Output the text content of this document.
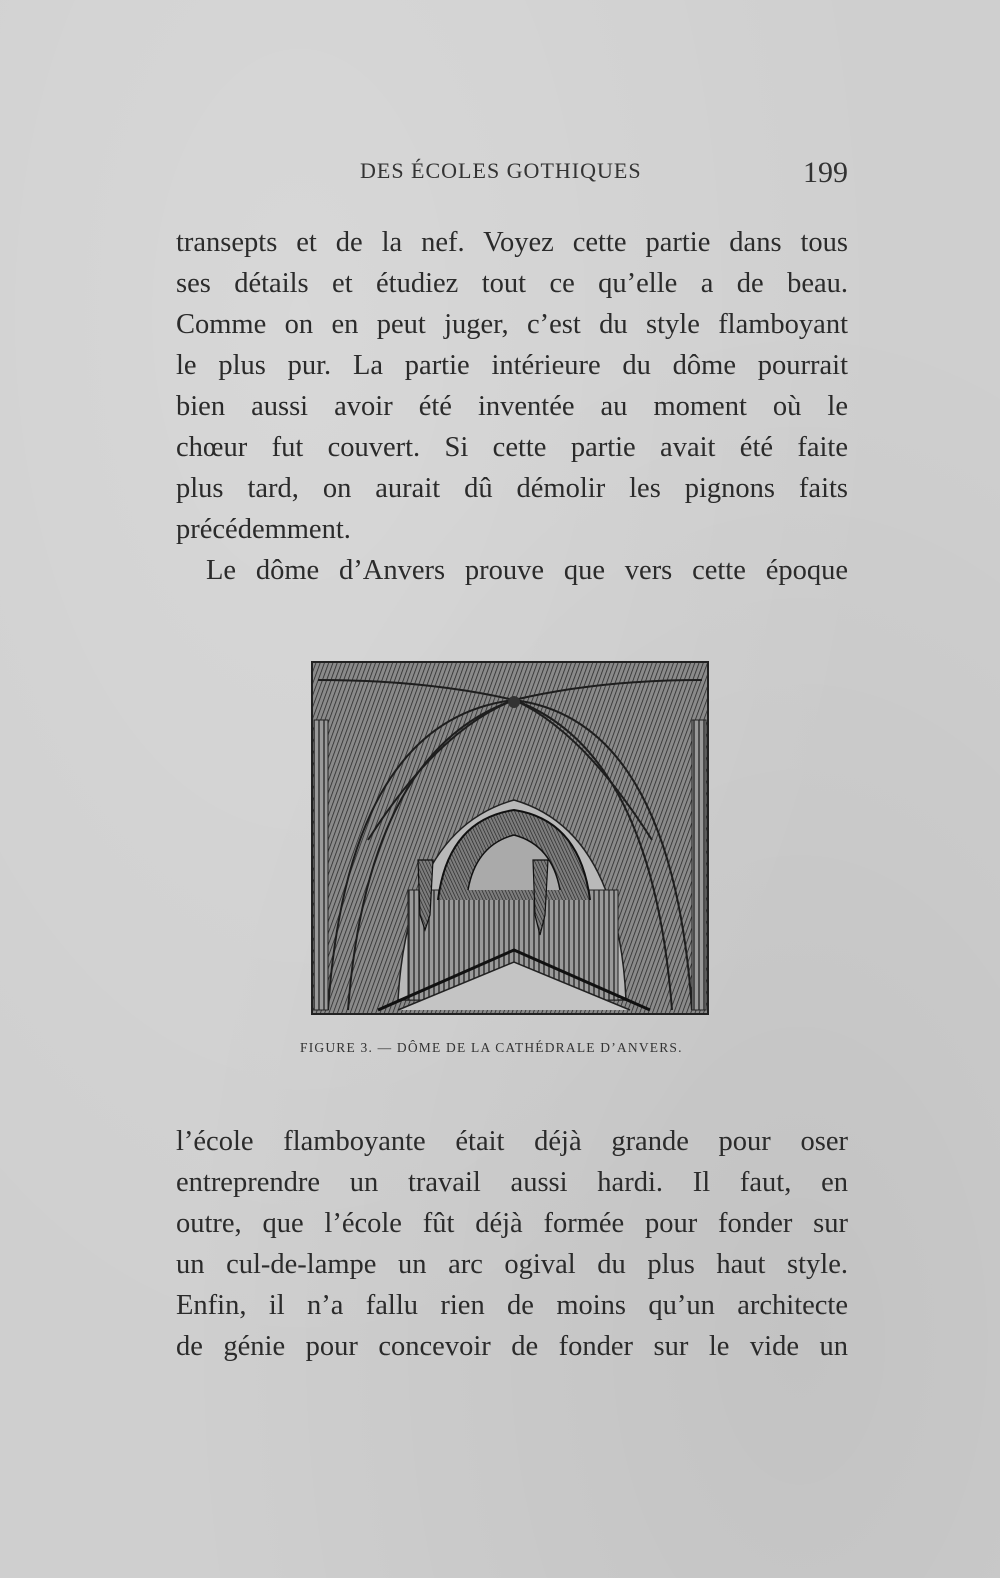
DES ÉCOLES GOTHIQUES	199

transepts et de la nef. Voyez cette partie dans tous

ses détails et étudiez tout ce qu’elle a de beau.

Comme on en peut juger, c’est du style flamboyant

le plus pur. La partie intérieure du dôme pourrait

bien aussi avoir été inventée au moment où le

chœur fut couvert. Si cette partie avait été faite

plus tard, on aurait dû démolir les pignons faits

précédemment.

Le dôme d’Anvers prouve que vers cette époque

FIGURE 3. — DÔME DE LA CATHÉDRALE D’ANVERS.

l’école flamboyante était déjà grande pour oser

entreprendre un travail aussi hardi. Il faut, en

outre, que l’école fût déjà formée pour fonder sur

un cul-de-lampe un arc ogival du plus haut style.

Enfin, il n’a fallu rien de moins qu’un architecte

de génie pour concevoir de fonder sur le vide un
